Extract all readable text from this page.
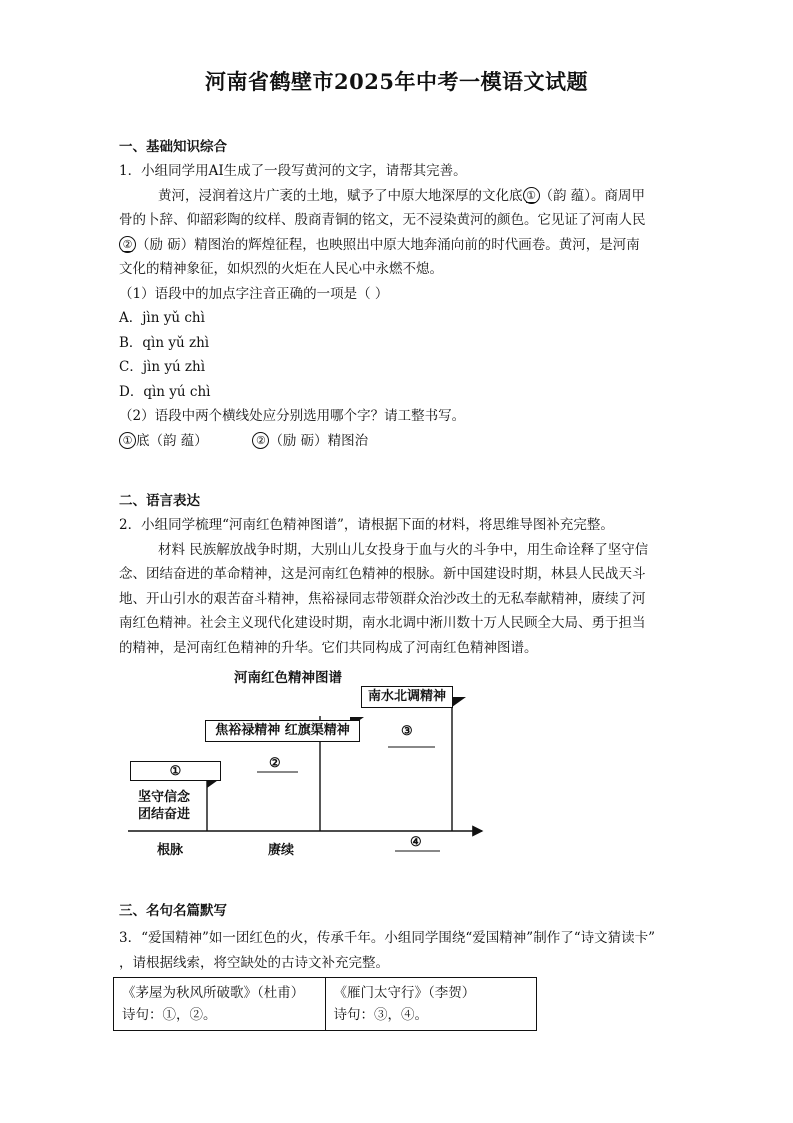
河南省鹤壁市2025年中考一模语文试题
一、基础知识综合
1．小组同学用AI生成了一段写黄河的文字，请帮其完善。
黄河，浸润着这片广袤的土地，赋予了中原大地深厚的文化底 ① （韵 蕴）。商周甲
骨的卜辞、仰韶彩陶的纹样、殷商青铜的铭文，无不浸染黄河的颜色。它见证了河南人民
② （励 砺）精图治的辉煌征程，也映照出中原大地奔涌向前的时代画卷。黄河，是河南
文化的精神象征，如炽烈的火炬在人民心中永燃不熄。
（1）语段中的加点字注音正确的一项是（ ）
A．jìn yǔ chì
B．qìn yǔ zhì
C．jìn yú zhì
D．qìn yú chì
（2）语段中两个横线处应分别选用哪个字？请工整书写。
① 底（韵 蕴）	② （励 砺）精图治
二、语言表达
2．小组同学梳理“河南红色精神图谱”，请根据下面的材料，将思维导图补充完整。
材料 民族解放战争时期，大别山儿女投身于血与火的斗争中，用生命诠释了坚守信
念、团结奋进的革命精神，这是河南红色精神的根脉。新中国建设时期，林县人民战天斗
地、开山引水的艰苦奋斗精神，焦裕禄同志带领群众治沙改土的无私奉献精神，赓续了河
南红色精神。社会主义现代化建设时期，南水北调中淅川数十万人民顾全大局、勇于担当
的精神，是河南红色精神的升华。它们共同构成了河南红色精神图谱。
河南红色精神图谱
①
焦裕禄精神 红旗渠精神
南水北调精神
②
③
④
坚守信念
团结奋进
根脉	赓续
三、名句名篇默写
3．“爱国精神”如一团红色的火，传承千年。小组同学围绕“爱国精神”制作了“诗文猜读卡”
，请根据线索，将空缺处的古诗文补充完整。
《茅屋为秋风所破歌》（杜甫）
诗句：①，②。

《雁门太守行》（李贺）
诗句：③，④。
